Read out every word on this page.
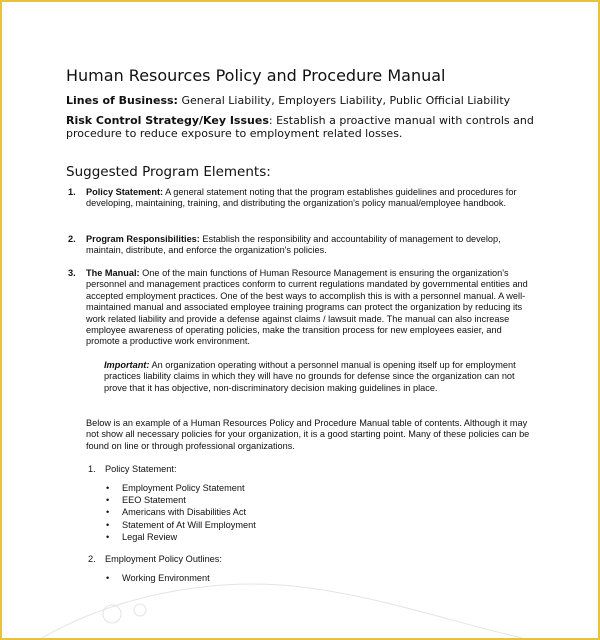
Human Resources Policy and Procedure Manual
Lines of Business: General Liability, Employers Liability, Public Official Liability
Risk Control Strategy/Key Issues: Establish a proactive manual with controls and procedure to reduce exposure to employment related losses.
Suggested Program Elements:
1. Policy Statement: A general statement noting that the program establishes guidelines and procedures for developing, maintaining, training, and distributing the organization's policy manual/employee handbook.
2. Program Responsibilities: Establish the responsibility and accountability of management to develop, maintain, distribute, and enforce the organization's policies.
3. The Manual: One of the main functions of Human Resource Management is ensuring the organization's personnel and management practices conform to current regulations mandated by governmental entities and accepted employment practices. One of the best ways to accomplish this is with a personnel manual. A well-maintained manual and associated employee training programs can protect the organization by reducing its work related liability and provide a defense against claims / lawsuit made. The manual can also increase employee awareness of operating policies, make the transition process for new employees easier, and promote a productive work environment.
Important: An organization operating without a personnel manual is opening itself up for employment practices liability claims in which they will have no grounds for defense since the organization can not prove that it has objective, non-discriminatory decision making guidelines in place.
Below is an example of a Human Resources Policy and Procedure Manual table of contents. Although it may not show all necessary policies for your organization, it is a good starting point. Many of these policies can be found on line or through professional organizations.
1. Policy Statement:
• Employment Policy Statement
• EEO Statement
• Americans with Disabilities Act
• Statement of At Will Employment
• Legal Review
2. Employment Policy Outlines:
• Working Environment
